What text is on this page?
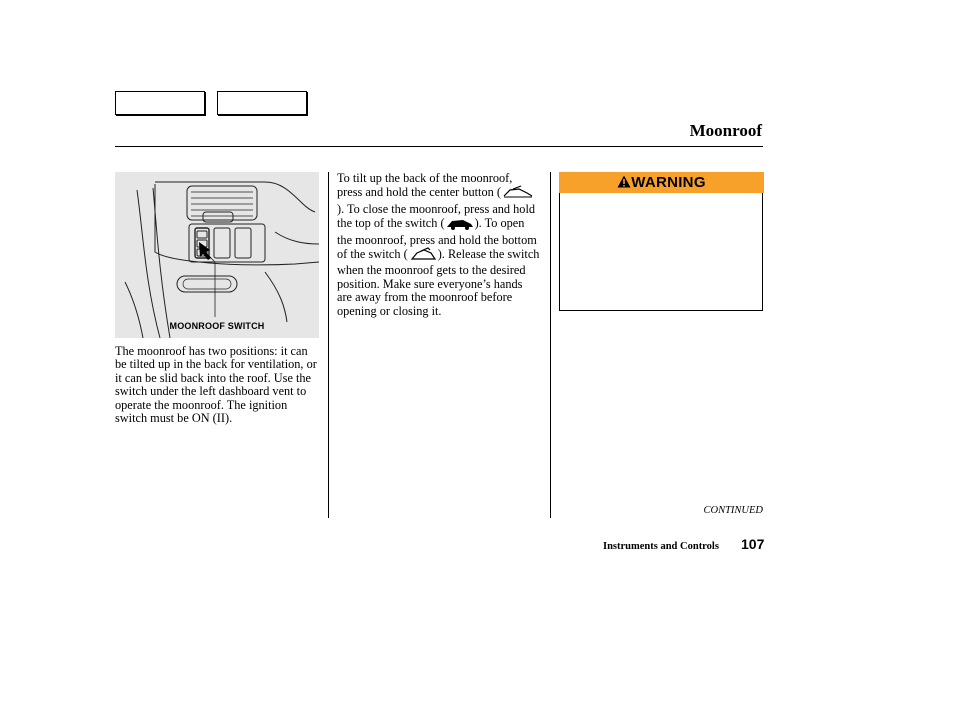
Moonroof
MOONROOF SWITCH

The moonroof has two positions: it can be tilted up in the back for ventilation, or it can be slid back into the roof. Use the switch under the left dashboard vent to operate the moonroof. The ignition switch must be ON (II).

To tilt up the back of the moonroof, press and hold the center button (). To close the moonroof, press and hold the top of the switch ( ). To open the moonroof, press and hold the bottom of the switch ( ). Release the switch when the moonroof gets to the desired position. Make sure everyone’s hands are away from the moonroof before opening or closing it.

WARNING
CONTINUED
Instruments and Controls 107
